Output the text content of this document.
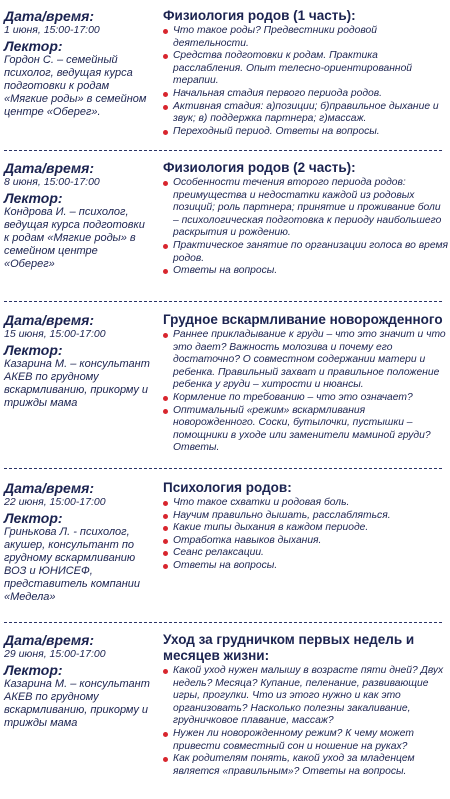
Дата/время:
1 июня, 15:00-17:00
Лектор:
Гордон С. – семейный психолог, ведущая курса подготовки к родам «Мягкие роды» в семейном центре «Оберег».
Физиология родов (1 часть):
Что такое роды? Предвестники родовой деятельности.
Средства подготовки к родам. Практика расслабления. Опыт телесно-ориентированной терапии.
Начальная стадия первого периода родов.
Активная стадия: а)позиции; б)правильное дыхание и звук; в) поддержка партнера; г)массаж.
Переходный период. Ответы на вопросы.
Дата/время:
8 июня, 15:00-17:00
Лектор:
Кондрова И. – психолог, ведущая курса подготовки к родам «Мягкие роды» в семейном центре «Оберег»
Физиология родов (2 часть):
Особенности течения второго периода родов: преимущества и недостатки каждой из родовых позиций; роль партнера; принятие и проживание боли – психологическая подготовка к периоду наибольшего раскрытия и рождению.
Практическое занятие по организации голоса во время родов.
Ответы на вопросы.
Дата/время:
15 июня, 15:00-17:00
Лектор:
Казарина М. – консультант АКЕВ по грудному вскармливанию, прикорму и трижды мама
Грудное вскармливание новорожденного
Раннее прикладывание к груди – что это значит и что это дает? Важность молозива и почему его достаточно? О совместном содержании матери и ребенка. Правильный захват и правильное положение ребенка у груди – хитрости и нюансы.
Кормление по требованию – что это означает?
Оптимальный «режим» вскармливания новорожденного. Соски, бутылочки, пустышки – помощники в уходе или заменители маминой груди? Ответы.
Дата/время:
22 июня, 15:00-17:00
Лектор:
Гринькова Л. - психолог, акушер, консультант по грудному вскармливанию ВОЗ и ЮНИСЕФ, представитель компании «Медела»
Психология родов:
Что такое схватки и родовая боль.
Научим правильно дышать, расслабляться.
Какие типы дыхания в каждом периоде.
Отработка навыков дыхания.
Сеанс релаксации.
Ответы на вопросы.
Дата/время:
29 июня, 15:00-17:00
Лектор:
Казарина М. – консультант АКЕВ по грудному вскармливанию, прикорму и трижды мама
Уход за грудничком первых недель и месяцев жизни:
Какой уход нужен малышу в возрасте пяти дней? Двух недель? Месяца? Купание, пеленание, развивающие игры, прогулки. Что из этого нужно и как это организовать? Насколько полезны закаливание, грудничковое плавание, массаж?
Нужен ли новорожденному режим? К чему может привести совместный сон и ношение на руках?
Как родителям понять, какой уход за младенцем является «правильным»? Ответы на вопросы.
